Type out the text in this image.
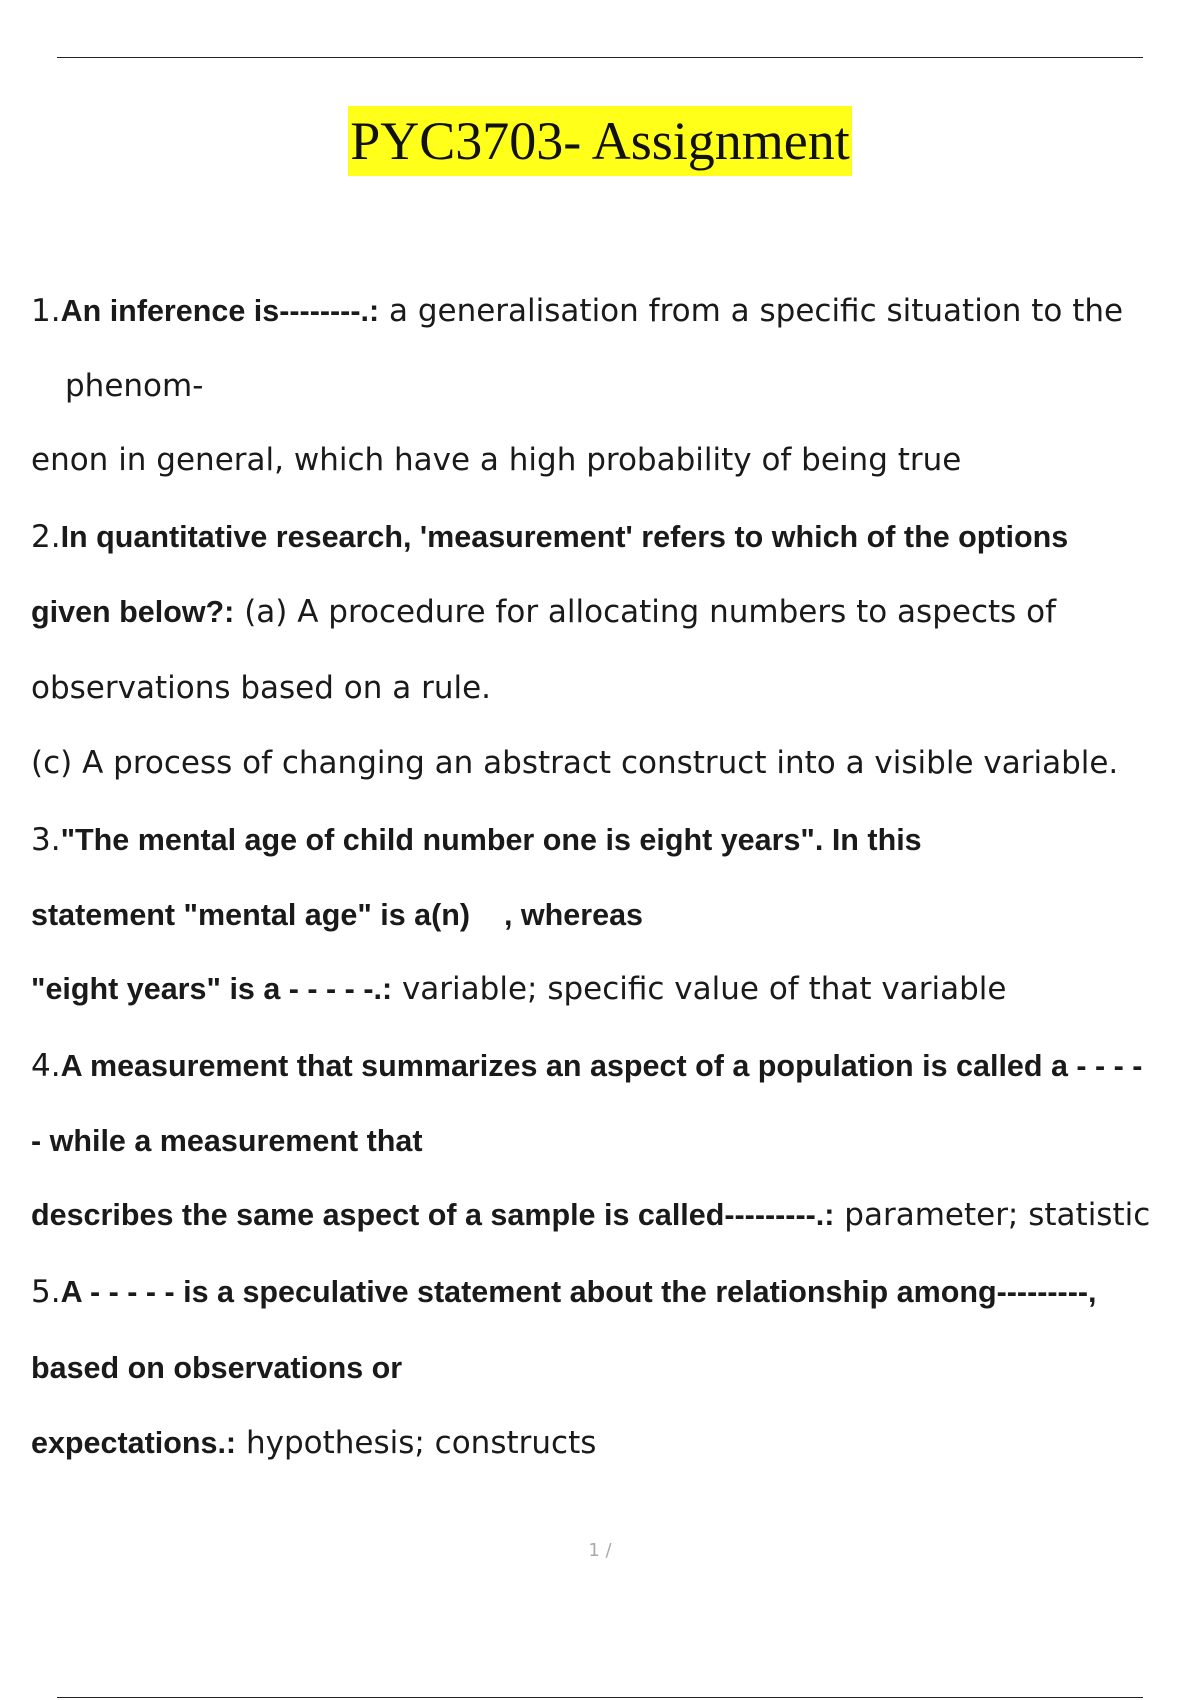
PYC3703- Assignment
1.An inference is--------.: a generalisation from a specific situation to the
phenom-
enon in general, which have a high probability of being true
2.In quantitative research, 'measurement' refers to which of the options
given below?: (a) A procedure for allocating numbers to aspects of
observations based on a rule.
(c) A process of changing an abstract construct into a visible variable.
3."The mental age of child number one is eight years". In this
statement "mental age" is a(n)    , whereas
"eight years" is a - - - - -.: variable; specific value of that variable
4.A measurement that summarizes an aspect of a population is called a - - - -
- while a measurement that
describes the same aspect of a sample is called---------.: parameter; statistic
5.A - - - - - is a speculative statement about the relationship among---------,
based on observations or
expectations.: hypothesis; constructs
1 /
